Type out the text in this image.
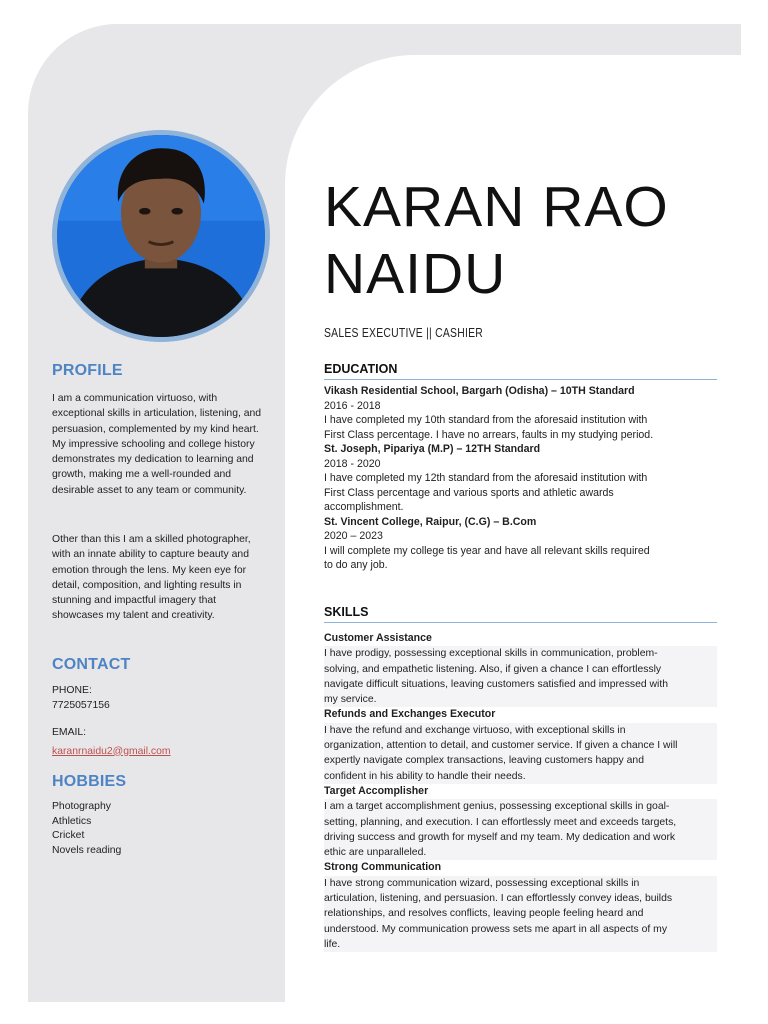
PROFILE

I am a communication virtuoso, with exceptional skills in articulation, listening, and persuasion, complemented by my kind heart. My impressive schooling and college history demonstrates my dedication to learning and growth, making me a well-rounded and desirable asset to any team or community.

Other than this I am a skilled photographer, with an innate ability to capture beauty and emotion through the lens. My keen eye for detail, composition, and lighting results in stunning and impactful imagery that showcases my talent and creativity.

CONTACT
PHONE:
7725057156
EMAIL:
karanrnaidu2@gmail.com
HOBBIES
Photography
Athletics
Cricket
Novels reading
KARAN RAO NAIDU
SALES EXECUTIVE || CASHIER
EDUCATION
Vikash Residential School, Bargarh (Odisha) – 10TH Standard
2016 - 2018
I have completed my 10th standard from the aforesaid institution with
First Class percentage. I have no arrears, faults in my studying period.
St. Joseph, Pipariya (M.P) – 12TH Standard
2018 - 2020
I have completed my 12th standard from the aforesaid institution with
First Class percentage and various sports and athletic awards
accomplishment.
St. Vincent College, Raipur, (C.G) – B.Com
2020 – 2023
I will complete my college tis year and have all relevant skills required
to do any job.
SKILLS
Customer Assistance
I have prodigy, possessing exceptional skills in communication, problem-
solving, and empathetic listening. Also, if given a chance I can effortlessly
navigate difficult situations, leaving customers satisfied and impressed with
my service.
Refunds and Exchanges Executor
I have the refund and exchange virtuoso, with exceptional skills in
organization, attention to detail, and customer service. If given a chance I will
expertly navigate complex transactions, leaving customers happy and
confident in his ability to handle their needs.
Target Accomplisher
I am a target accomplishment genius, possessing exceptional skills in goal-
setting, planning, and execution. I can effortlessly meet and exceeds targets,
driving success and growth for myself and my team. My dedication and work
ethic are unparalleled.
Strong Communication
I have strong communication wizard, possessing exceptional skills in
articulation, listening, and persuasion. I can effortlessly convey ideas, builds
relationships, and resolves conflicts, leaving people feeling heard and
understood. My communication prowess sets me apart in all aspects of my
life.
